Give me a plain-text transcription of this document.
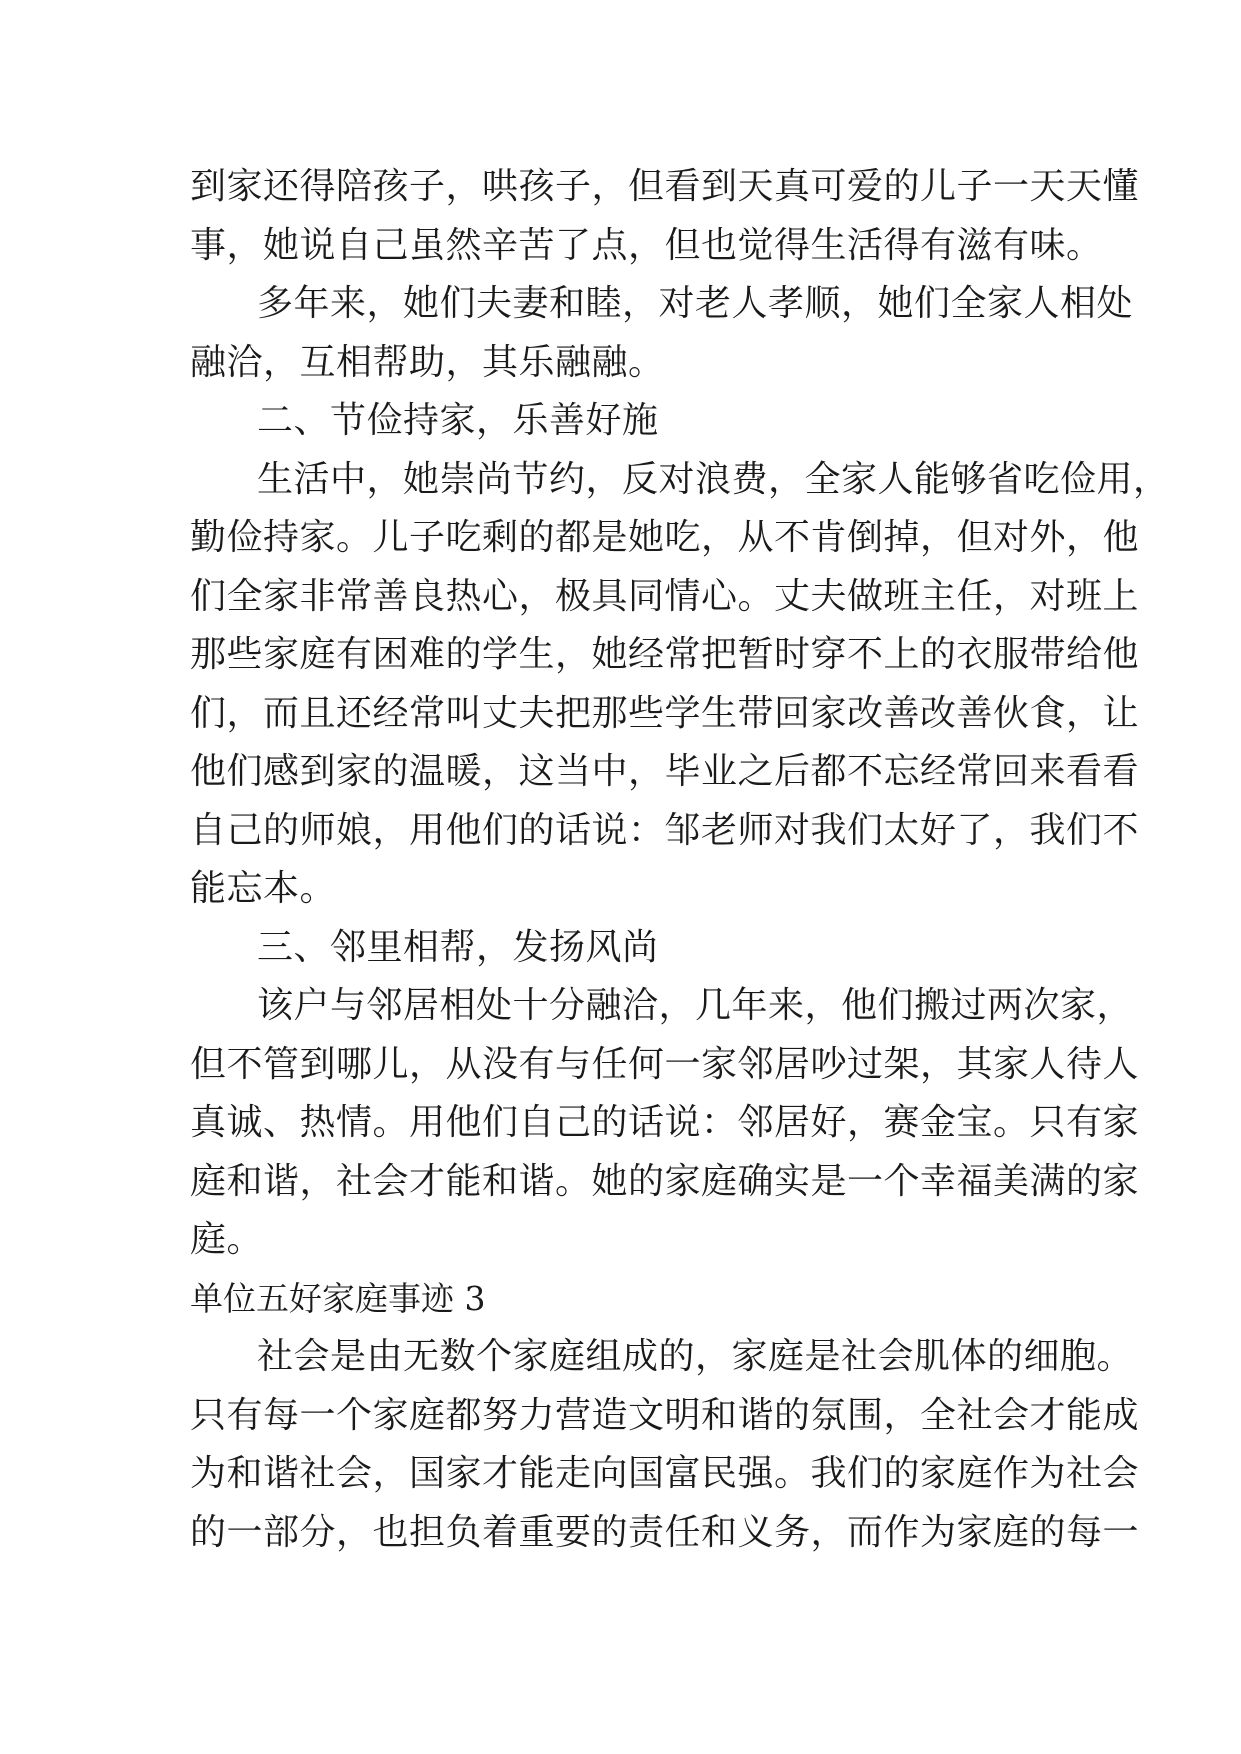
到家还得陪孩子，哄孩子，但看到天真可爱的儿子一天天懂
事，她说自己虽然辛苦了点，但也觉得生活得有滋有味。
多年来，她们夫妻和睦，对老人孝顺，她们全家人相处
融洽，互相帮助，其乐融融。
二、节俭持家，乐善好施
生活中，她崇尚节约，反对浪费，全家人能够省吃俭用，
勤俭持家。儿子吃剩的都是她吃，从不肯倒掉，但对外，他
们全家非常善良热心，极具同情心。丈夫做班主任，对班上
那些家庭有困难的学生，她经常把暂时穿不上的衣服带给他
们，而且还经常叫丈夫把那些学生带回家改善改善伙食，让
他们感到家的温暖，这当中，毕业之后都不忘经常回来看看
自己的师娘，用他们的话说：邹老师对我们太好了，我们不
能忘本。
三、邻里相帮，发扬风尚
该户与邻居相处十分融洽，几年来，他们搬过两次家，
但不管到哪儿，从没有与任何一家邻居吵过架，其家人待人
真诚、热情。用他们自己的话说：邻居好，赛金宝。只有家
庭和谐，社会才能和谐。她的家庭确实是一个幸福美满的家
庭。
单位五好家庭事迹 3
社会是由无数个家庭组成的，家庭是社会肌体的细胞。
只有每一个家庭都努力营造文明和谐的氛围，全社会才能成
为和谐社会，国家才能走向国富民强。我们的家庭作为社会
的一部分，也担负着重要的责任和义务，而作为家庭的每一
